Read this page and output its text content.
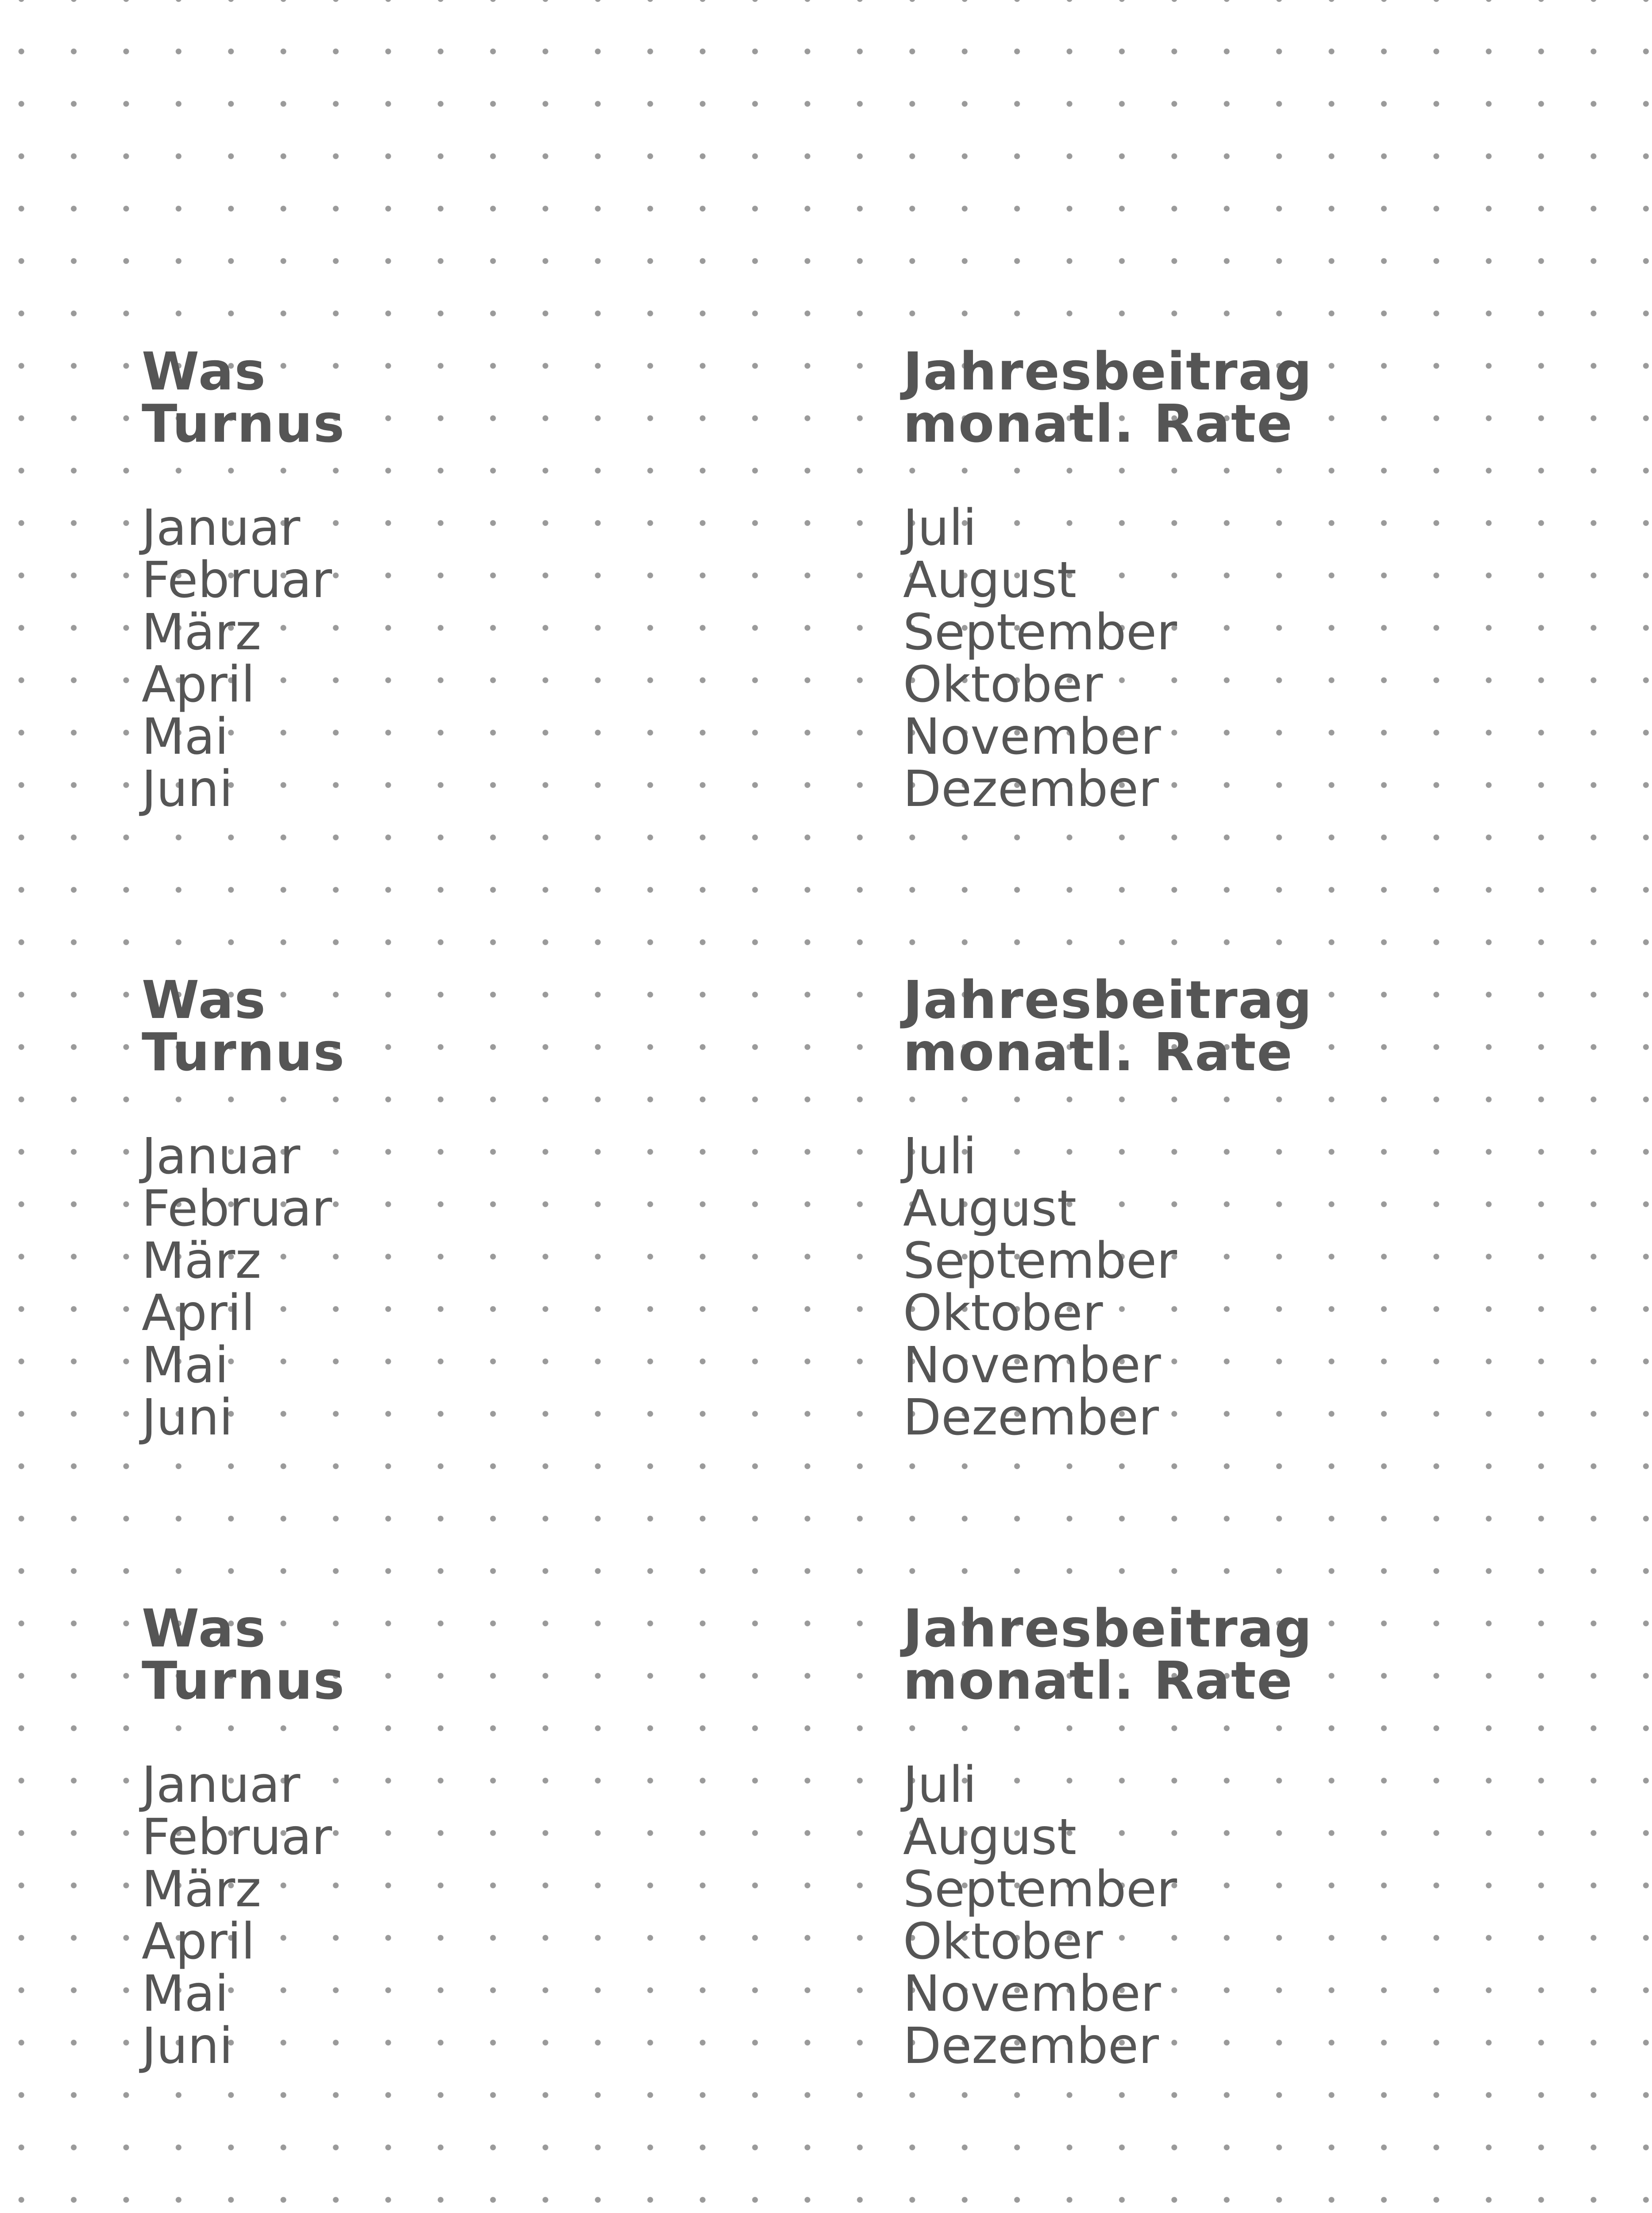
Was
Turnus
Januar
Februar
März
April
Mai
Juni
Jahresbeitrag
monatl. Rate
Juli
August
September
Oktober
November
Dezember
Was
Turnus
Januar
Februar
März
April
Mai
Juni
Jahresbeitrag
monatl. Rate
Juli
August
September
Oktober
November
Dezember
Was
Turnus
Januar
Februar
März
April
Mai
Juni
Jahresbeitrag
monatl. Rate
Juli
August
September
Oktober
November
Dezember
